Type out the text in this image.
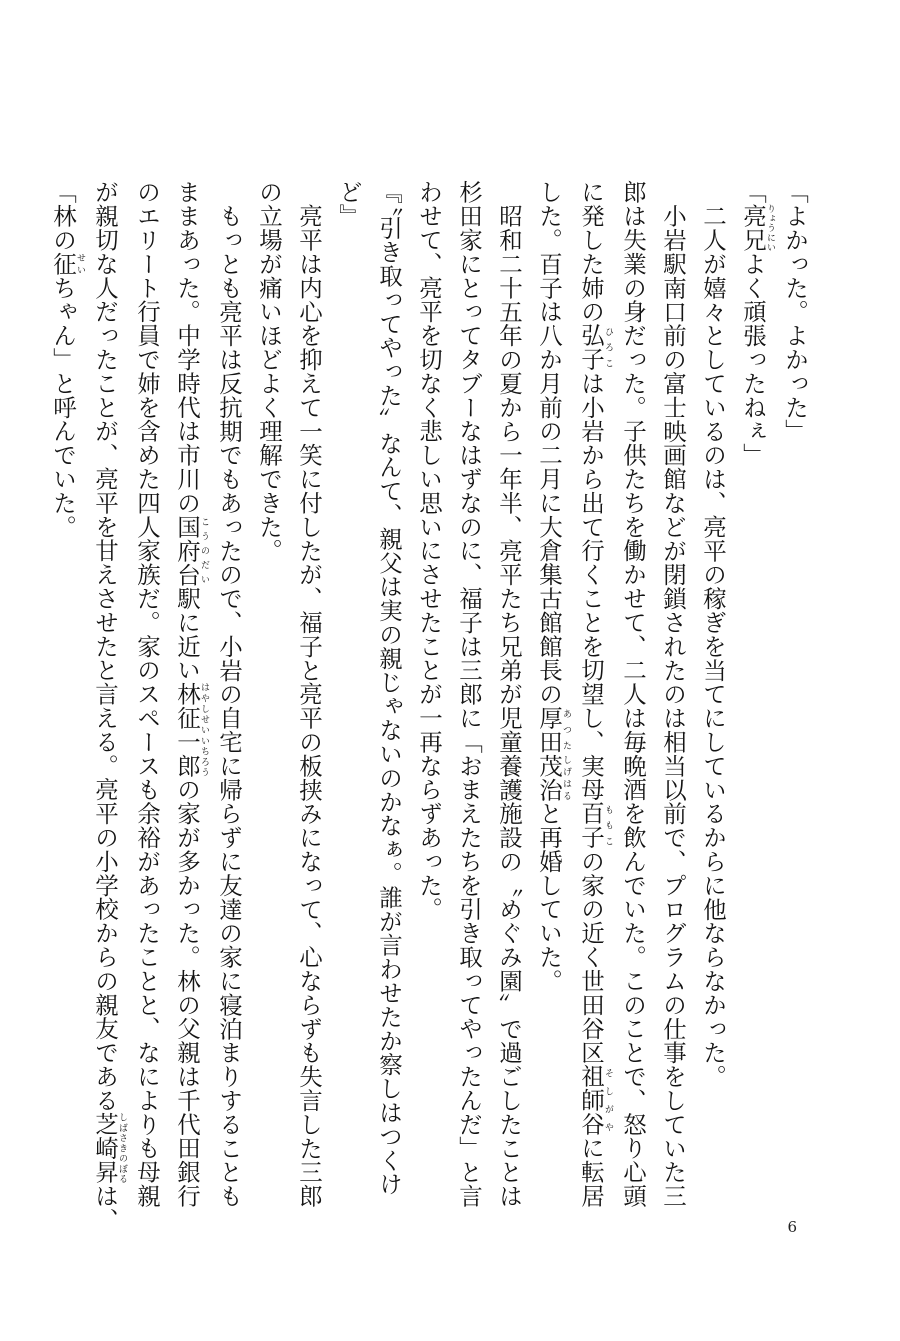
「よかった。よかった」
「亮兄りょうにいよく頑張ったねぇ」
二人が嬉々としているのは、亮平の稼ぎを当てにしているからに他ならなかった。
小岩駅南口前の富士映画館などが閉鎖されたのは相当以前で、プログラムの仕事をしていた三
郎は失業の身だった。子供たちを働かせて、二人は毎晩酒を飲んでいた。このことで、怒り心頭
に発した姉の弘子ひろこは小岩から出て行くことを切望し、実母百子ももこの家の近く世田谷区祖師谷そしがやに転居
した。百子は八か月前の二月に大倉集古館館長の厚田あつた茂治しげはると再婚していた。
昭和二十五年の夏から一年半、亮平たち兄弟が児童養護施設の〝めぐみ園〟で過ごしたことは
杉田家にとってタブーなはずなのに、福子は三郎に「おまえたちを引き取ってやったんだ」と言
わせて、亮平を切なく悲しい思いにさせたことが一再ならずあった。
『〝引き取ってやった〟なんて、親父は実の親じゃないのかなぁ。誰が言わせたか察しはつくけ
ど』
亮平は内心を抑えて一笑に付したが、福子と亮平の板挟みになって、心ならずも失言した三郎
の立場が痛いほどよく理解できた。
もっとも亮平は反抗期でもあったので、小岩の自宅に帰らずに友達の家に寝泊まりすることも
ままあった。中学時代は市川の国府台こうのだい駅に近い林征一郎はやしせいいちろうの家が多かった。林の父親は千代田銀行
のエリート行員で姉を含めた四人家族だ。家のスペースも余裕があったことと、なによりも母親
が親切な人だったことが、亮平を甘えさせたと言える。亮平の小学校からの親友である芝崎昇しばさきのぼるは、
「林の征せいちゃん」と呼んでいた。
6
